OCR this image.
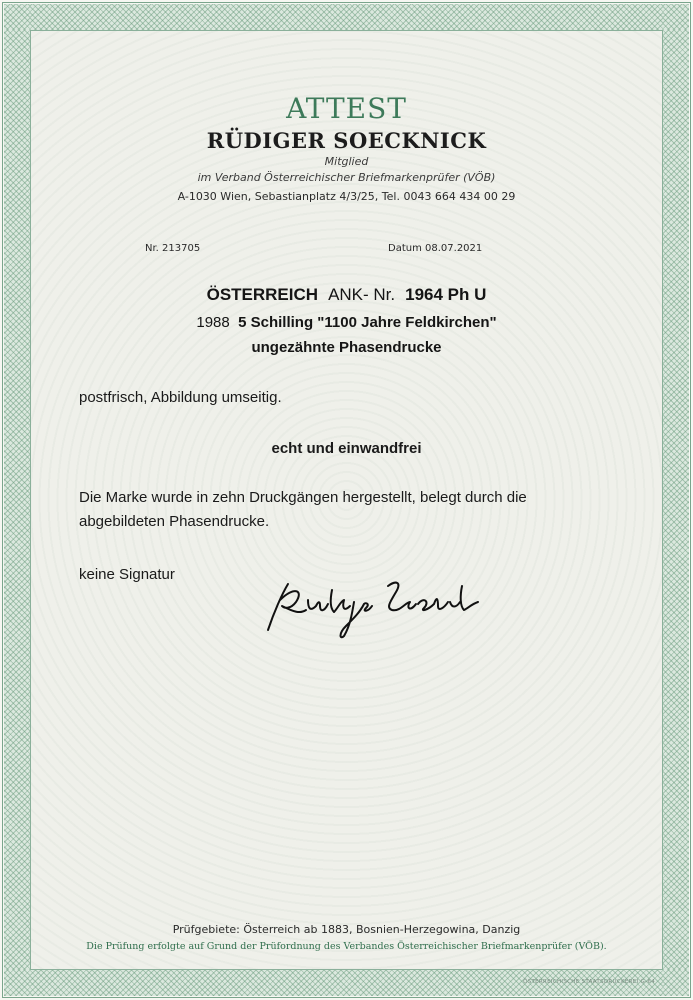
ATTEST
RÜDIGER SOECKNICK
Mitglied
im Verband Österreichischer Briefmarkenprüfer (VÖB)
A-1030 Wien, Sebastianplatz 4/3/25, Tel. 0043 664 434 00 29
Nr. 213705	Datum 08.07.2021
ÖSTERREICH ANK- Nr. 1964 Ph U
1988 5 Schilling "1100 Jahre Feldkirchen"
ungezähnte Phasendrucke
postfrisch, Abbildung umseitig.
echt und einwandfrei
Die Marke wurde in zehn Druckgängen hergestellt, belegt durch die
abgebildeten Phasendrucke.
keine Signatur
Prüfgebiete: Österreich ab 1883, Bosnien-Herzegowina, Danzig
Die Prüfung erfolgte auf Grund der Prüfordnung des Verbandes Österreichischer Briefmarkenprüfer (VÖB).
ÖSTERREICHISCHE STAATSDRUCKEREI G-64
